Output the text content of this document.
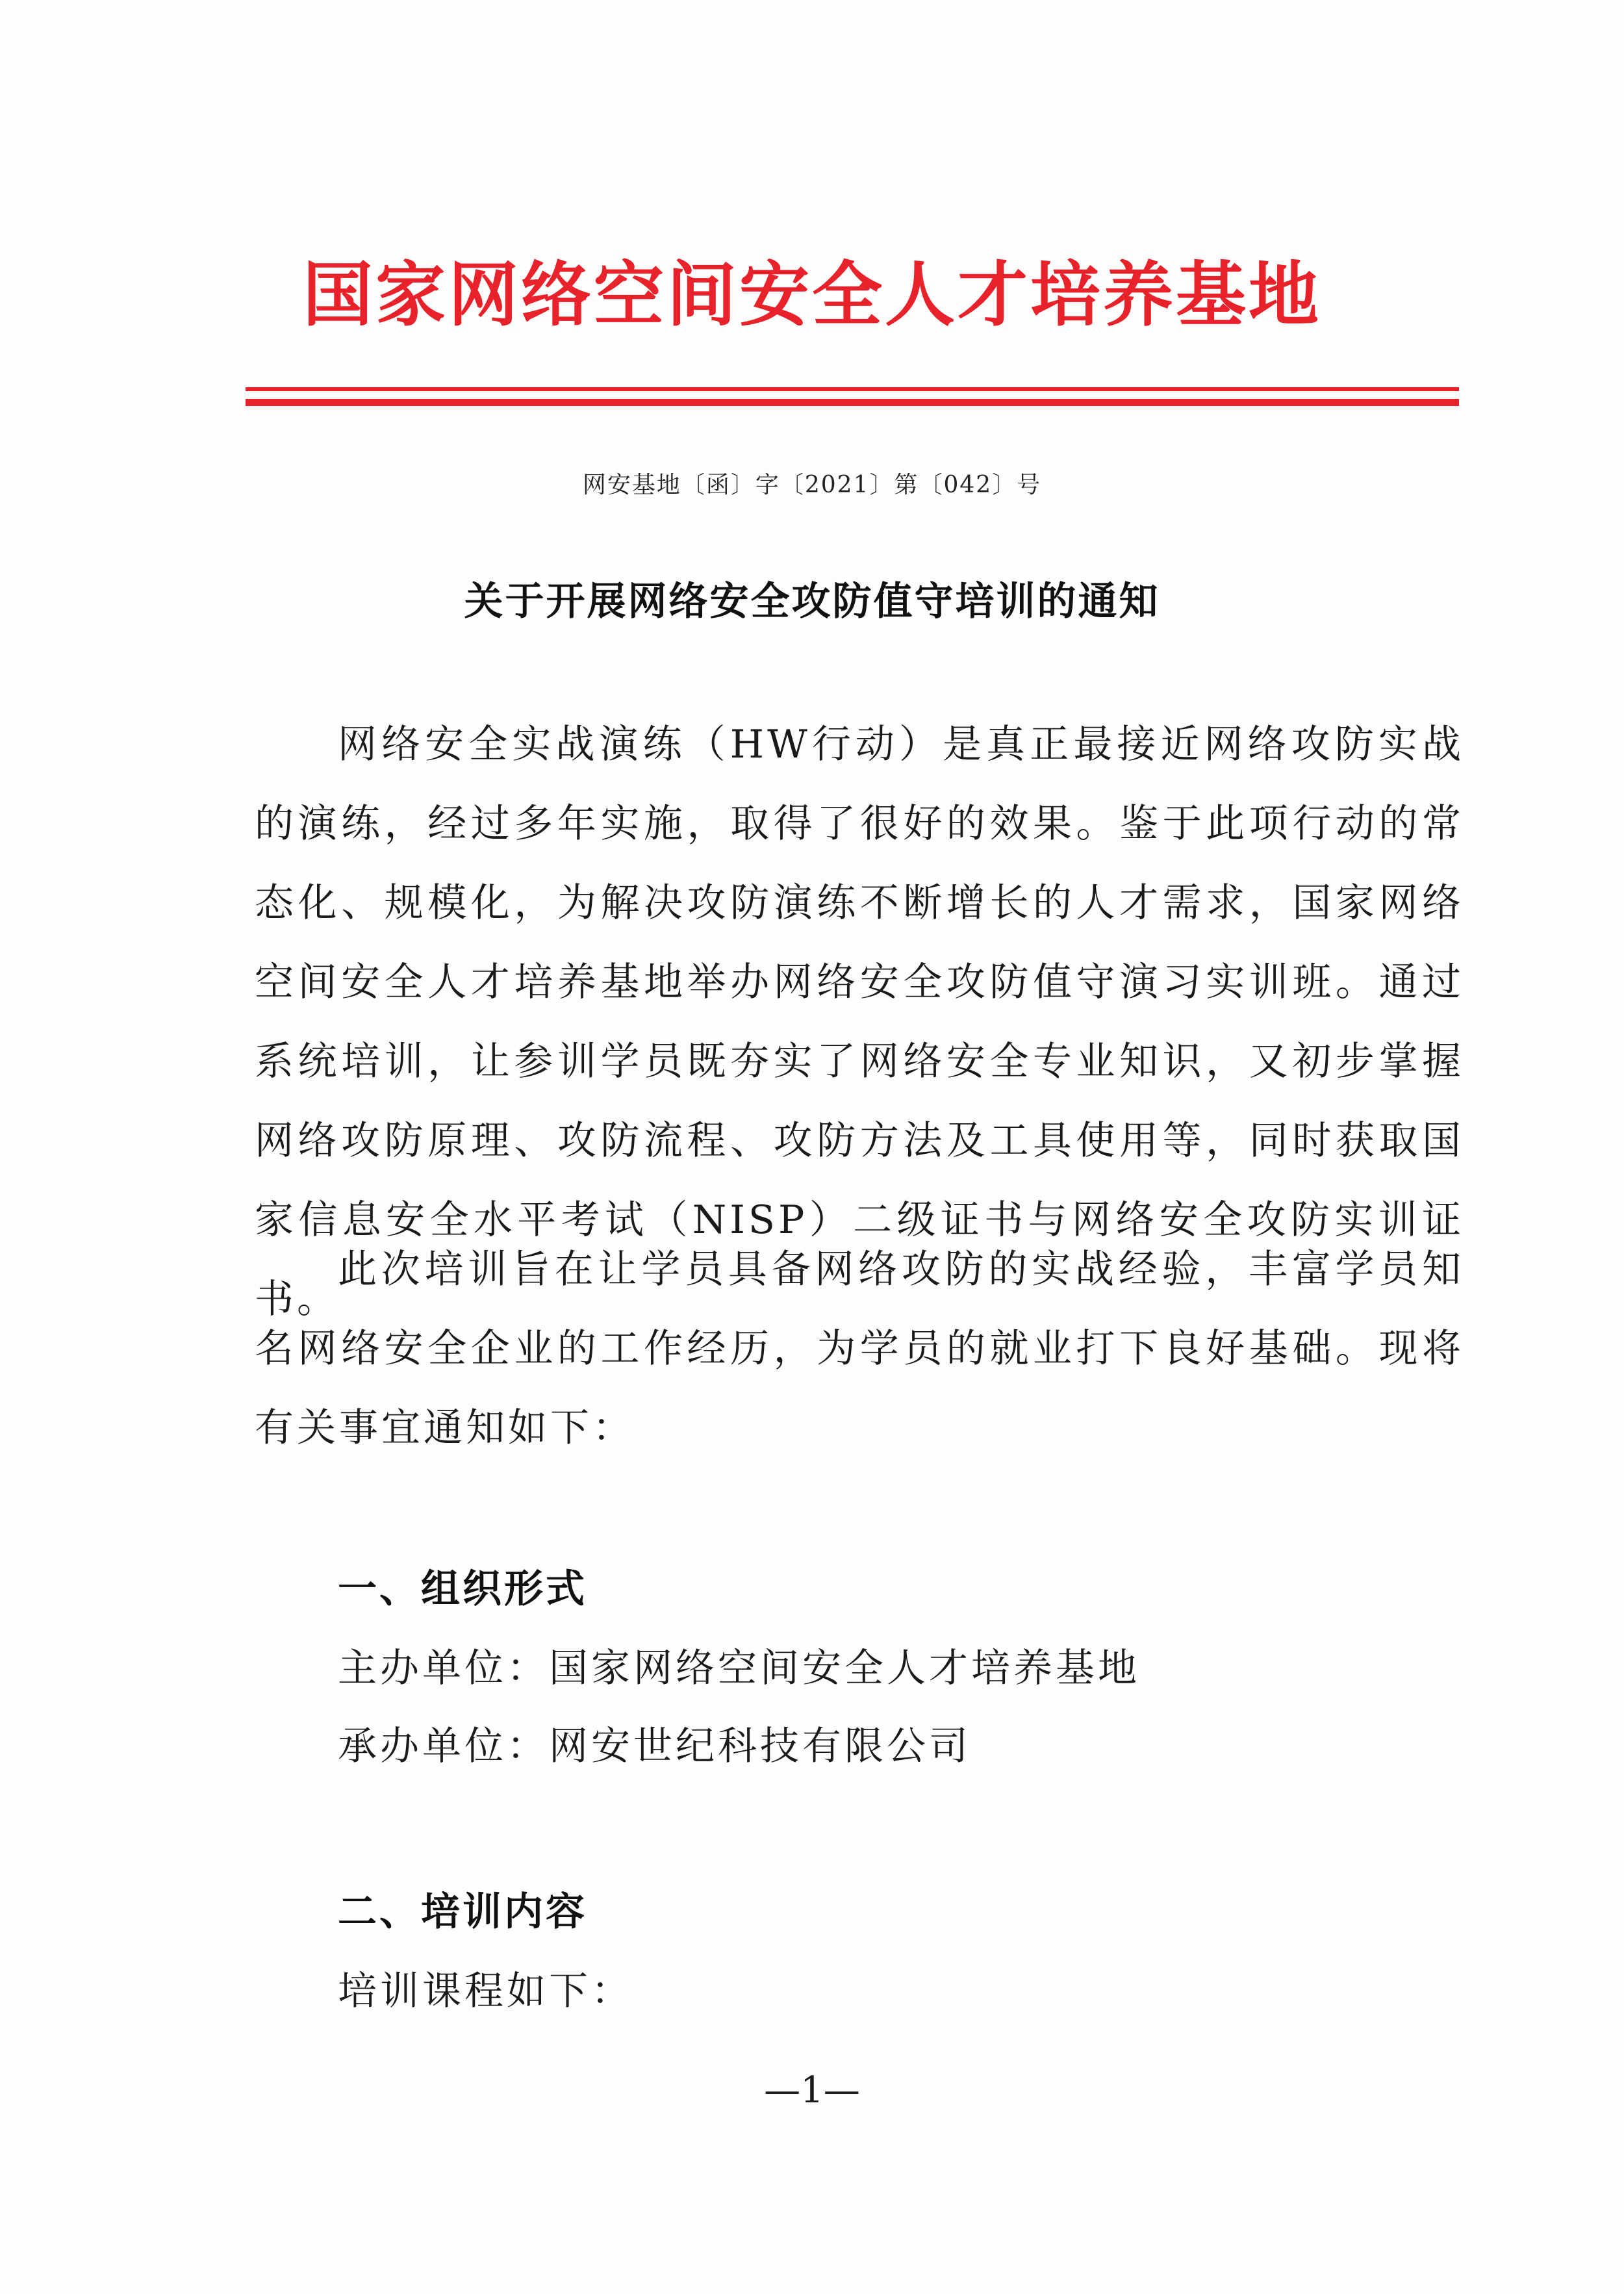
国家网络空间安全人才培养基地
网安基地〔函〕字〔2021〕第〔042〕号
关于开展网络安全攻防值守培训的通知
网络安全实战演练（HW行动）是真正最接近网络攻防实战的演练，经过多年实施，取得了很好的效果。鉴于此项行动的常态化、规模化，为解决攻防演练不断增长的人才需求，国家网络空间安全人才培养基地举办网络安全攻防值守演习实训班。通过系统培训，让参训学员既夯实了网络安全专业知识，又初步掌握网络攻防原理、攻防流程、攻防方法及工具使用等，同时获取国家信息安全水平考试（NISP）二级证书与网络安全攻防实训证书。
此次培训旨在让学员具备网络攻防的实战经验，丰富学员知名网络安全企业的工作经历，为学员的就业打下良好基础。现将有关事宜通知如下：
一、组织形式
主办单位：国家网络空间安全人才培养基地
承办单位：网安世纪科技有限公司
二、培训内容
培训课程如下：
—1—
